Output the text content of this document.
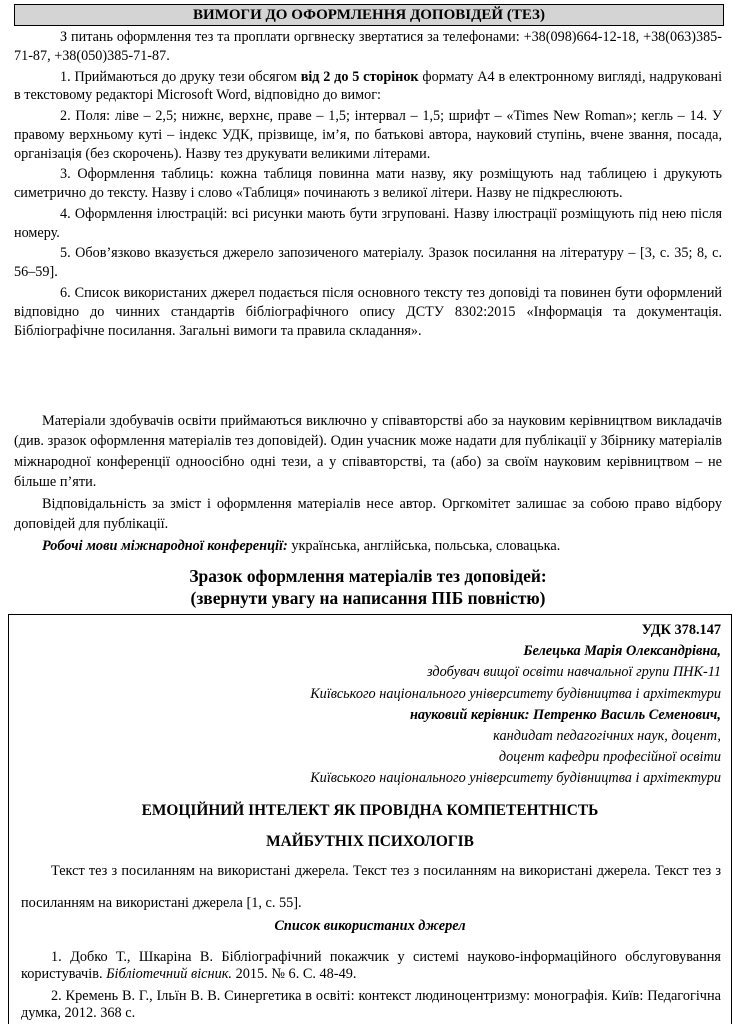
ВИМОГИ ДО ОФОРМЛЕННЯ ДОПОВІДЕЙ (ТЕЗ)

З питань оформлення тез та проплати оргвнеску звертатися за телефонами: +38(098)664-12-18, +38(063)385-71-87, +38(050)385-71-87.

1. Приймаються до друку тези обсягом від 2 до 5 сторінок формату А4 в електронному вигляді, надруковані в текстовому редакторі Microsoft Word, відповідно до вимог:

2. Поля: ліве – 2,5; нижнє, верхнє, праве – 1,5; інтервал – 1,5; шрифт – «Times New Roman»; кегль – 14. У правому верхньому куті – індекс УДК, прізвище, ім’я, по батькові автора, науковий ступінь, вчене звання, посада, організація (без скорочень). Назву тез друкувати великими літерами.

3. Оформлення таблиць: кожна таблиця повинна мати назву, яку розміщують над таблицею і друкують симетрично до тексту. Назву і слово «Таблиця» починають з великої літери. Назву не підкреслюють.

4. Оформлення ілюстрацій: всі рисунки мають бути згруповані. Назву ілюстрації розміщують під нею після номеру.

5. Обов’язково вказується джерело запозиченого матеріалу. Зразок посилання на літературу – [3, с. 35; 8, с. 56–59].

6. Список використаних джерел подається після основного тексту тез доповіді та повинен бути оформлений відповідно до чинних стандартів бібліографічного опису ДСТУ 8302:2015 «Інформація та документація. Бібліографічне посилання. Загальні вимоги та правила складання».

Матеріали здобувачів освіти приймаються виключно у співавторстві або за науковим керівництвом викладачів (див. зразок оформлення матеріалів тез доповідей). Один учасник може надати для публікації у Збірнику матеріалів міжнародної конференції одноосібно одні тези, а у співавторстві, та (або) за своїм науковим керівництвом – не більше п’яти.

Відповідальність за зміст і оформлення матеріалів несе автор. Оргкомітет залишає за собою право відбору доповідей для публікації.

Робочі мови міжнародної конференції: українська, англійська, польська, словацька.

Зразок оформлення матеріалів тез доповідей:
(звернути увагу на написання ПІБ повністю)
УДК 378.147
Белецька Марія Олександрівна,
здобувач вищої освіти навчальної групи ПНК-11
Київського національного університету будівництва і архітектури
науковий керівник: Петренко Василь Семенович,
кандидат педагогічних наук, доцент,
доцент кафедри професійної освіти
Київського національного університету будівництва і архітектури
ЕМОЦІЙНИЙ ІНТЕЛЕКТ ЯК ПРОВІДНА КОМПЕТЕНТНІСТЬ
МАЙБУТНІХ ПСИХОЛОГІВ
Текст тез з посиланням на використані джерела. Текст тез з посиланням на використані джерела. Текст тез з посиланням на використані джерела [1, с. 55].
Список використаних джерел

1. Добко Т., Шкаріна В. Бібліографічний покажчик у системі науково-інформаційного обслуговування користувачів. Бібліотечний вісник. 2015. № 6. С. 48-49.

2. Кремень В. Г., Ільїн В. В. Синергетика в освіті: контекст людиноцентризму: монографія. Київ: Педагогічна думка, 2012. 368 с.
